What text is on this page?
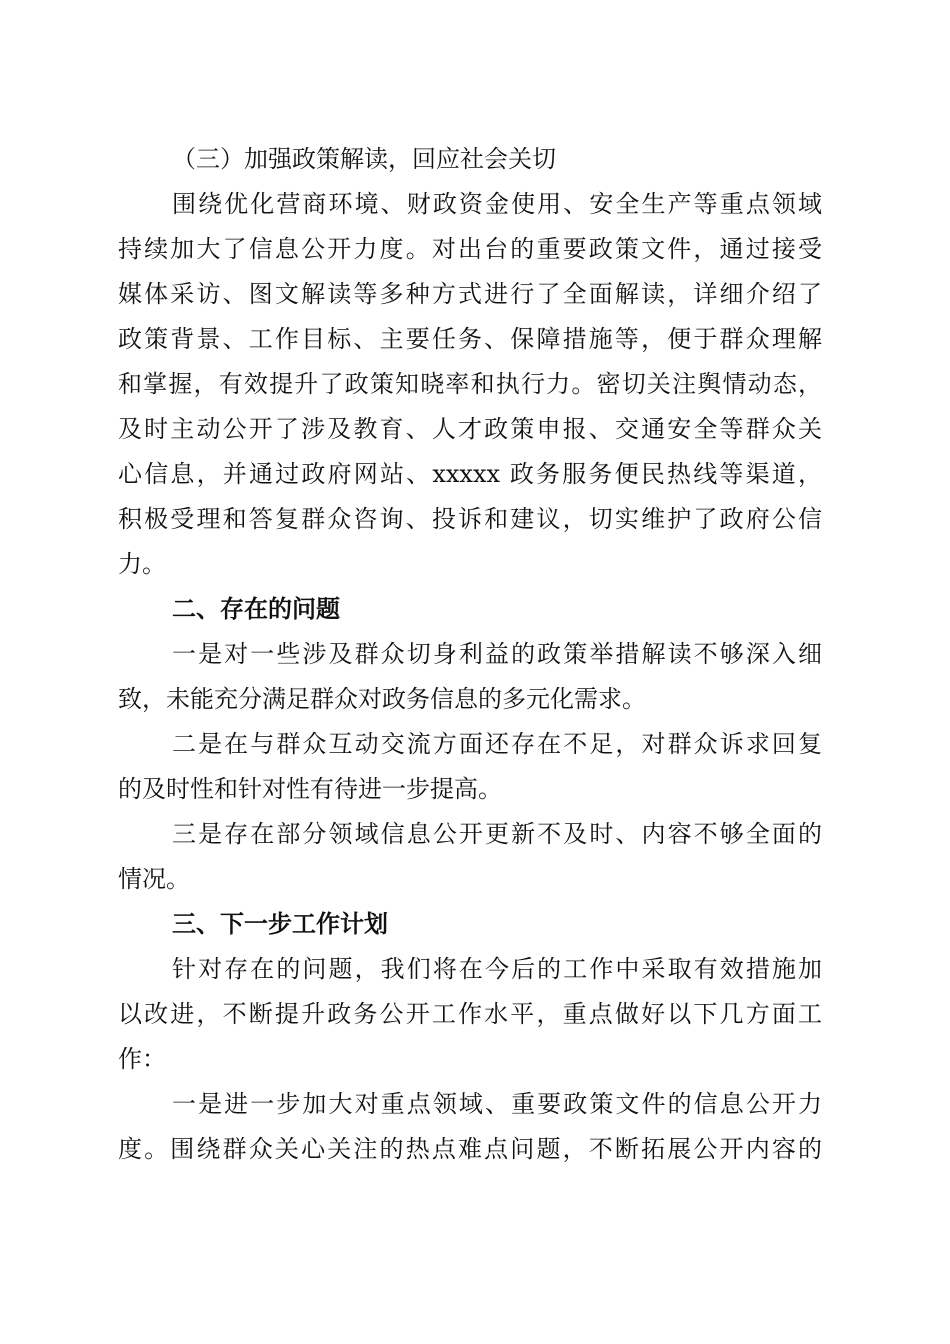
（三）加强政策解读，回应社会关切
围绕优化营商环境、财政资金使用、安全生产等重点领域
持续加大了信息公开力度。对出台的重要政策文件，通过接受
媒体采访、图文解读等多种方式进行了全面解读，详细介绍了
政策背景、工作目标、主要任务、保障措施等，便于群众理解
和掌握，有效提升了政策知晓率和执行力。密切关注舆情动态，
及时主动公开了涉及教育、人才政策申报、交通安全等群众关
心信息，并通过政府网站、xxxxx 政务服务便民热线等渠道，
积极受理和答复群众咨询、投诉和建议，切实维护了政府公信
力。
二、存在的问题
一是对一些涉及群众切身利益的政策举措解读不够深入细
致，未能充分满足群众对政务信息的多元化需求。
二是在与群众互动交流方面还存在不足，对群众诉求回复
的及时性和针对性有待进一步提高。
三是存在部分领域信息公开更新不及时、内容不够全面的
情况。
三、下一步工作计划
针对存在的问题，我们将在今后的工作中采取有效措施加
以改进，不断提升政务公开工作水平，重点做好以下几方面工
作：
一是进一步加大对重点领域、重要政策文件的信息公开力
度。围绕群众关心关注的热点难点问题，不断拓展公开内容的
